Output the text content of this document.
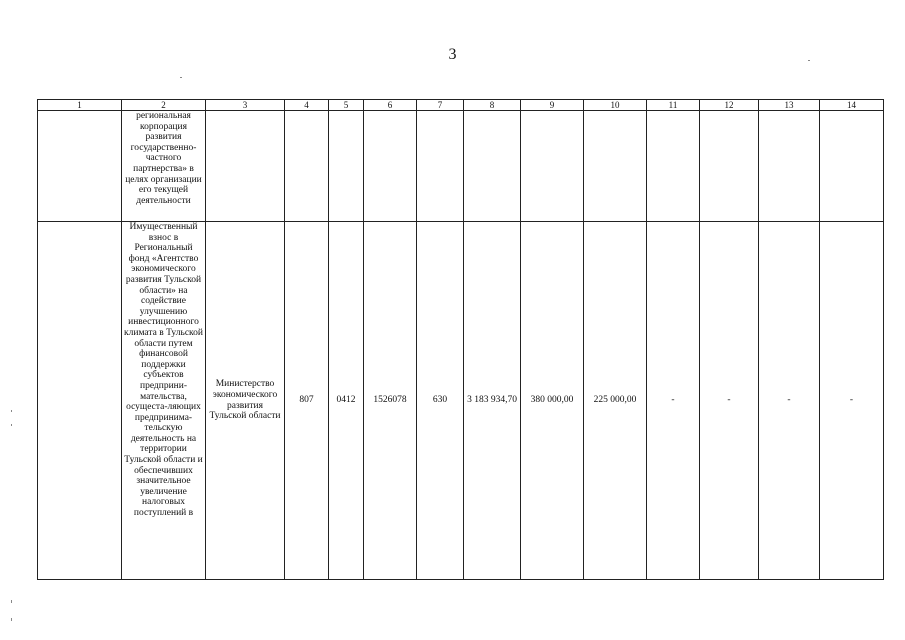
3
1	2	3	4	5	6	7	8	9	10	11	12	13	14
	региональная корпорация развития государственно-частного партнерства» в целях организации его текущей деятельности												
	Имущественный взнос в Региональный фонд «Агентство экономического развития Тульской области» на содействие улучшению инвестиционного климата в Тульской области путем финансовой поддержки субъектов предприни-мательства, осущеста-ляющих предпринима-тельскую деятельность на территории Тульской области и обеспечивших значительное увеличение налоговых поступлений в	Министерство экономического развития Тульской области	807	0412	1526078	630	3 183 934,70	380 000,00	225 000,00	-	-	-	-
